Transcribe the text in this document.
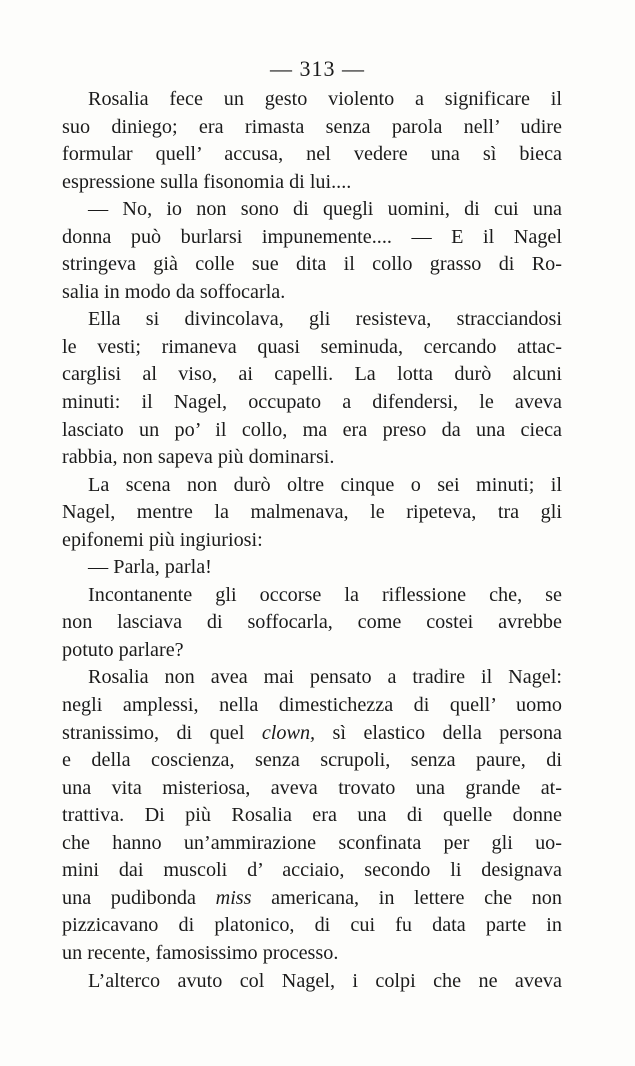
— 313 —
Rosalia fece un gesto violento a significare il
suo diniego; era rimasta senza parola nell’ udire
formular quell’ accusa, nel vedere una sì bieca
espressione sulla fisonomia di lui....
— No, io non sono di quegli uomini, di cui una
donna può burlarsi impunemente.... — E il Nagel
stringeva già colle sue dita il collo grasso di Ro-
salia in modo da soffocarla.
Ella si divincolava, gli resisteva, stracciandosi
le vesti; rimaneva quasi seminuda, cercando attac-
carglisi al viso, ai capelli. La lotta durò alcuni
minuti: il Nagel, occupato a difendersi, le aveva
lasciato un po’ il collo, ma era preso da una cieca
rabbia, non sapeva più dominarsi.
La scena non durò oltre cinque o sei minuti; il
Nagel, mentre la malmenava, le ripeteva, tra gli
epifonemi più ingiuriosi:
— Parla, parla!
Incontanente gli occorse la riflessione che, se
non lasciava di soffocarla, come costei avrebbe
potuto parlare?
Rosalia non avea mai pensato a tradire il Nagel:
negli amplessi, nella dimestichezza di quell’ uomo
stranissimo, di quel clown, sì elastico della persona
e della coscienza, senza scrupoli, senza paure, di
una vita misteriosa, aveva trovato una grande at-
trattiva. Di più Rosalia era una di quelle donne
che hanno un’ammirazione sconfinata per gli uo-
mini dai muscoli d’ acciaio, secondo li designava
una pudibonda miss americana, in lettere che non
pizzicavano di platonico, di cui fu data parte in
un recente, famosissimo processo.
L’alterco avuto col Nagel, i colpi che ne aveva
